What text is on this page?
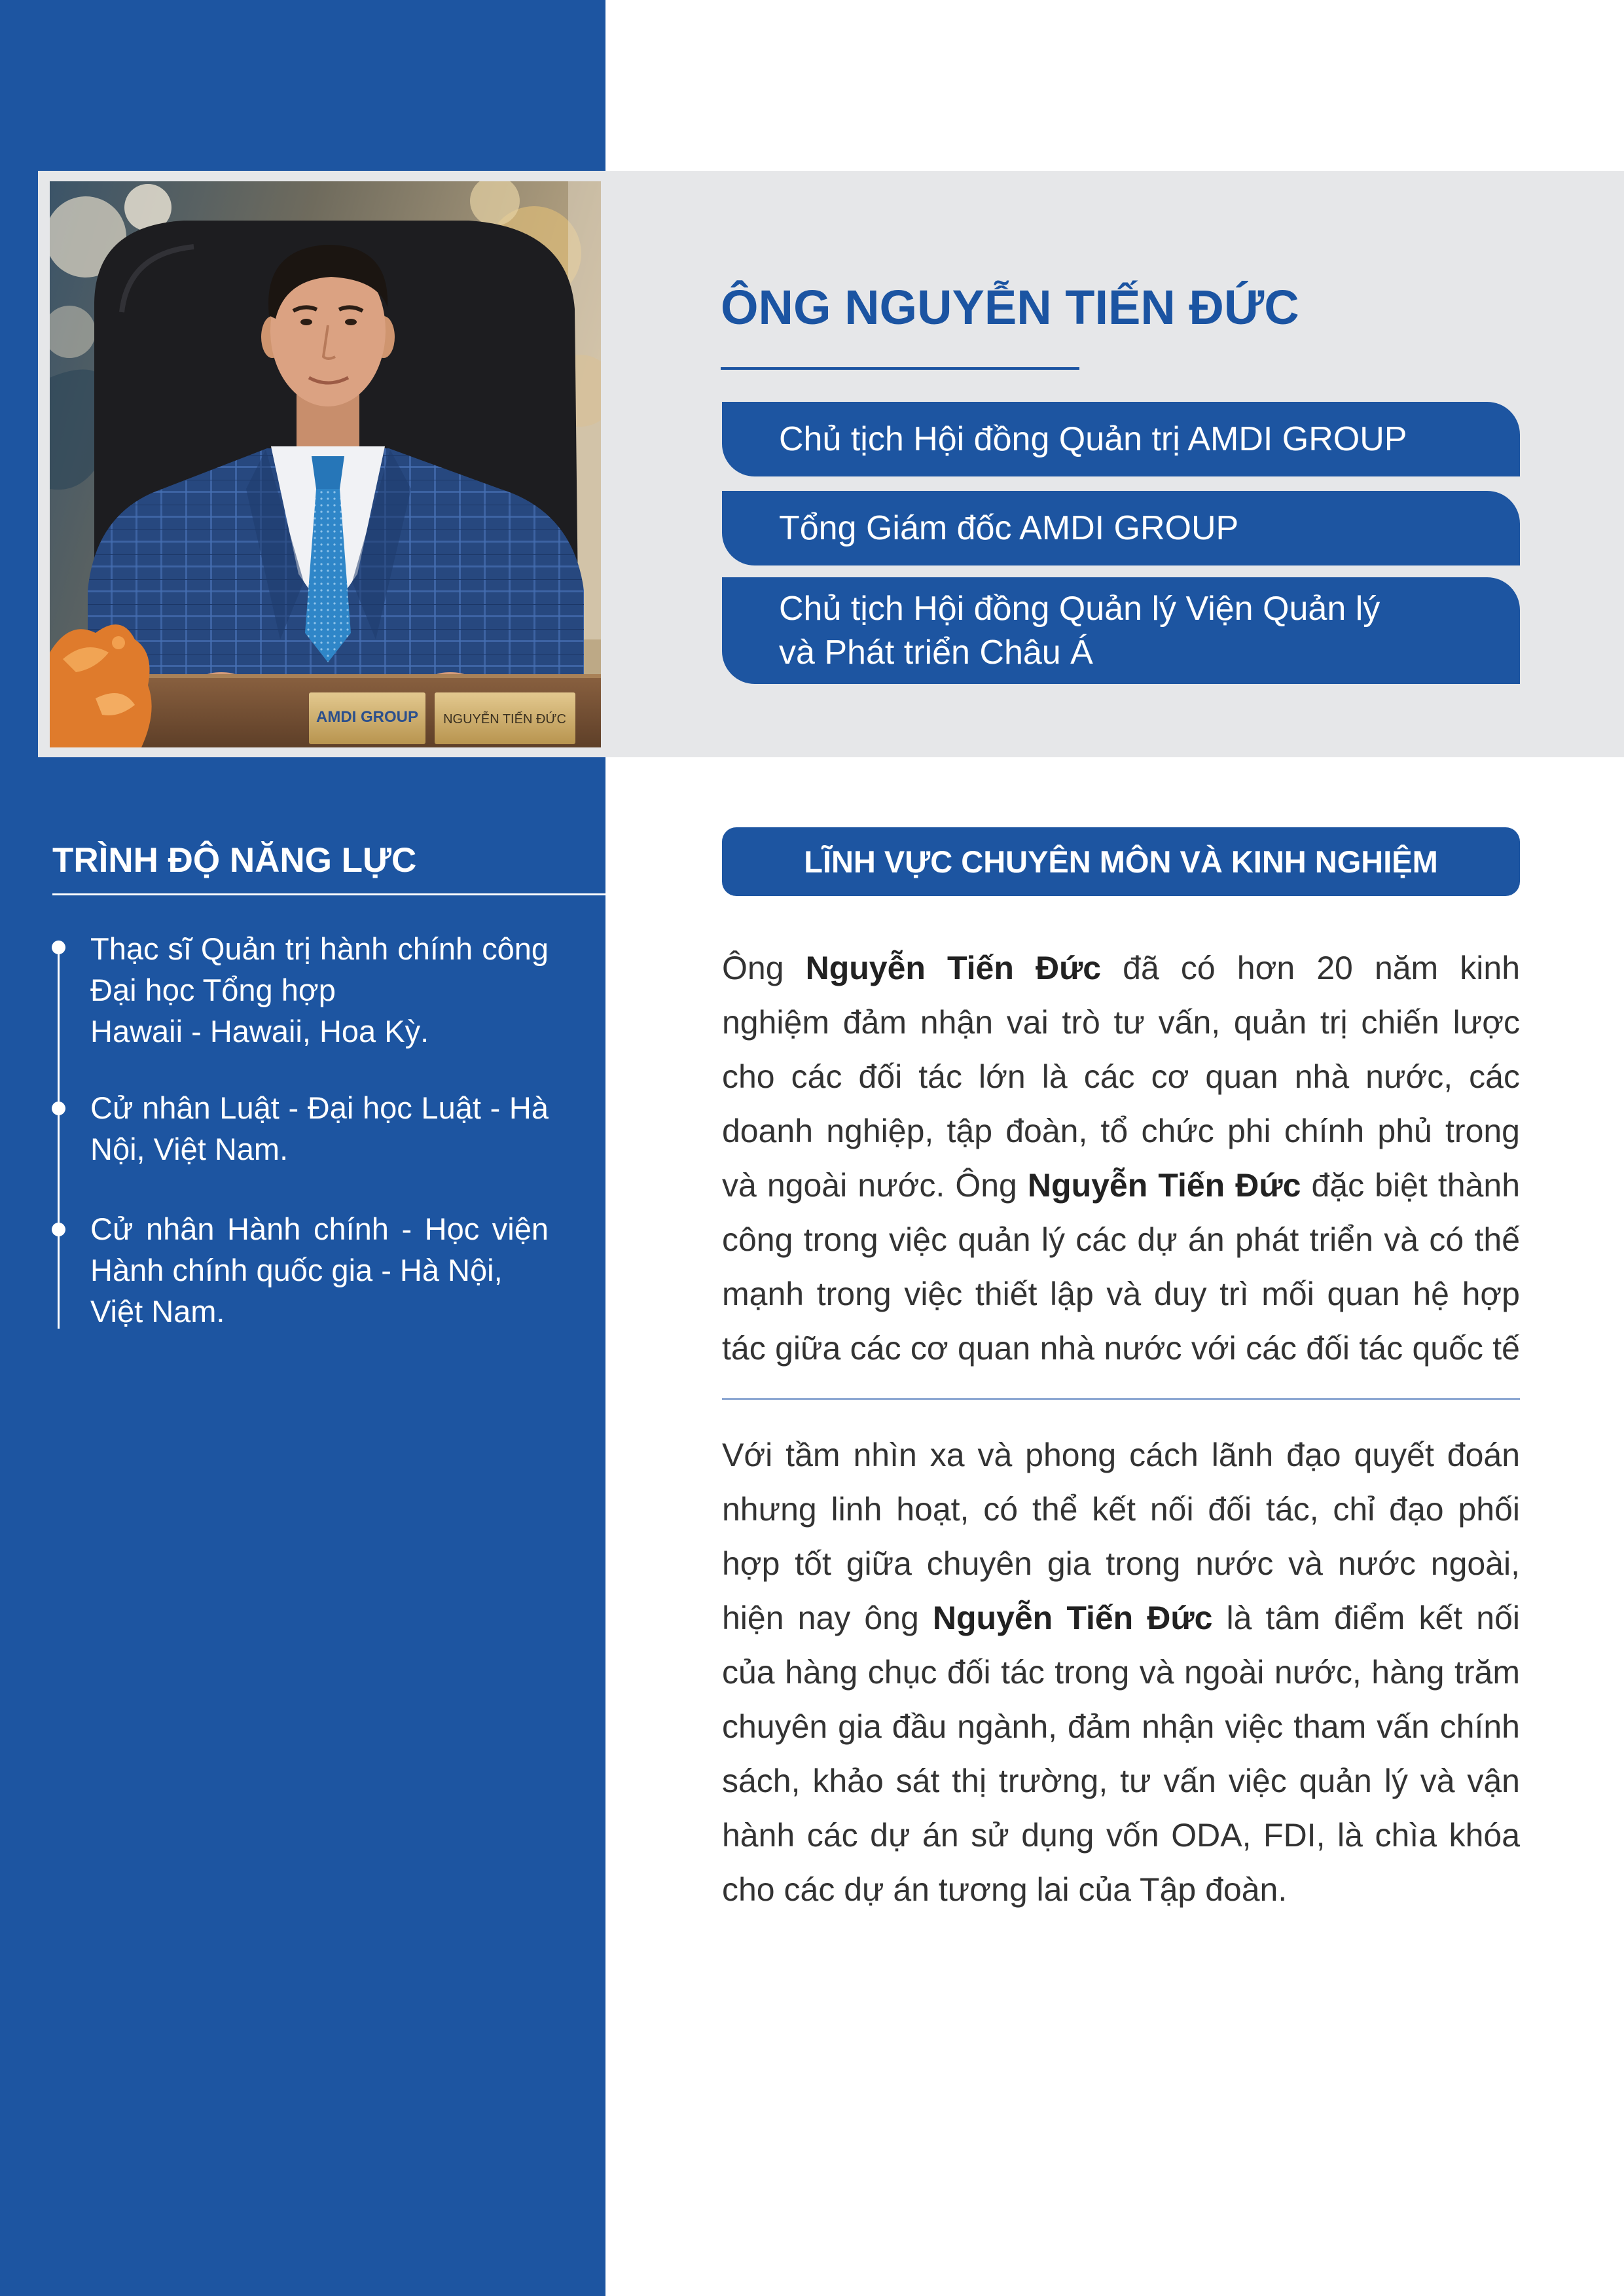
AMDI GROUP NGUYỄN TIẾN ĐỨC
ÔNG NGUYỄN TIẾN ĐỨC
Chủ tịch Hội đồng Quản trị AMDI GROUP
Tổng Giám đốc AMDI GROUP
Chủ tịch Hội đồng Quản lý Viện Quản lý
và Phát triển Châu Á
TRÌNH ĐỘ NĂNG LỰC
Thạc sĩ Quản trị hành chính công
Đại học Tổng hợp
Hawaii - Hawaii, Hoa Kỳ.
Cử nhân Luật - Đại học Luật - Hà
Nội, Việt Nam.
Cử nhân Hành chính - Học viện
Hành chính quốc gia - Hà Nội,
Việt Nam.
LĨNH VỰC CHUYÊN MÔN VÀ KINH NGHIỆM
Ông Nguyễn Tiến Đức đã có hơn 20 năm kinh
nghiệm đảm nhận vai trò tư vấn, quản trị chiến lược
cho các đối tác lớn là các cơ quan nhà nước, các
doanh nghiệp, tập đoàn, tổ chức phi chính phủ trong
và ngoài nước. Ông Nguyễn Tiến Đức đặc biệt thành
công trong việc quản lý các dự án phát triển và có thế
mạnh trong việc thiết lập và duy trì mối quan hệ hợp
tác giữa các cơ quan nhà nước với các đối tác quốc tế
Với tầm nhìn xa và phong cách lãnh đạo quyết đoán
nhưng linh hoạt, có thể kết nối đối tác, chỉ đạo phối
hợp tốt giữa chuyên gia trong nước và nước ngoài,
hiện nay ông Nguyễn Tiến Đức là tâm điểm kết nối
của hàng chục đối tác trong và ngoài nước, hàng trăm
chuyên gia đầu ngành, đảm nhận việc tham vấn chính
sách, khảo sát thị trường, tư vấn việc quản lý và vận
hành các dự án sử dụng vốn ODA, FDI, là chìa khóa
cho các dự án tương lai của Tập đoàn.
